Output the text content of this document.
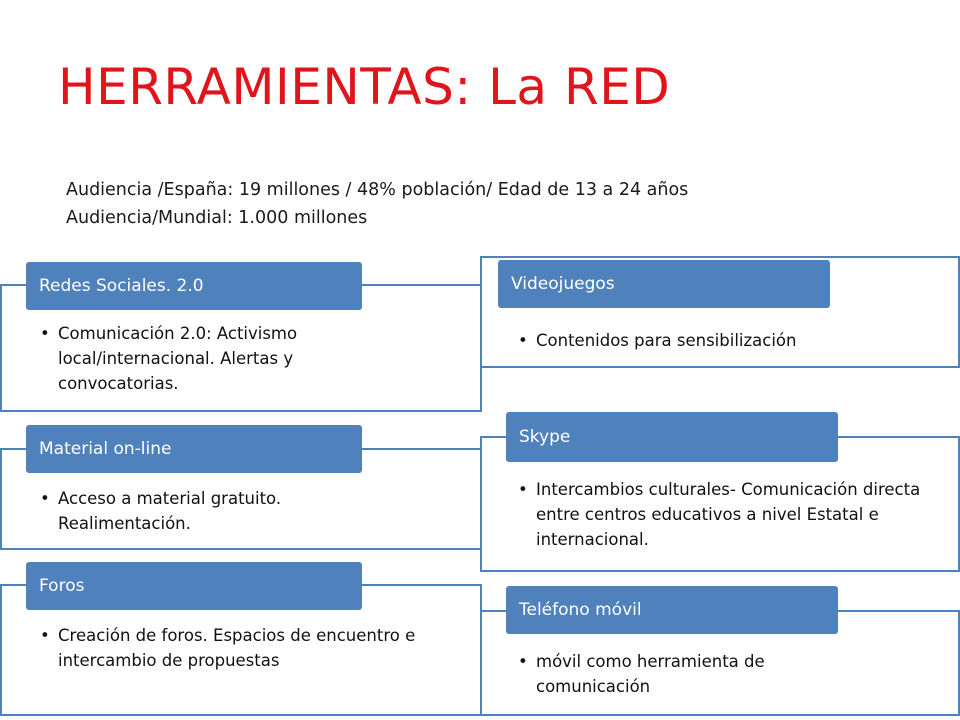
HERRAMIENTAS: La RED
Audiencia /España: 19 millones / 48% población/ Edad de 13 a 24 años
Audiencia/Mundial: 1.000 millones
Redes Sociales. 2.0
• Comunicación 2.0: Activismo local/internacional. Alertas y convocatorias.
Material on-line
• Acceso a material gratuito. Realimentación.
Foros
• Creación de foros. Espacios de encuentro e intercambio de propuestas
Videojuegos
• Contenidos para sensibilización
Skype
• Intercambios culturales- Comunicación directa entre centros educativos a nivel Estatal e internacional.
Teléfono móvil
• móvil como herramienta de comunicación
